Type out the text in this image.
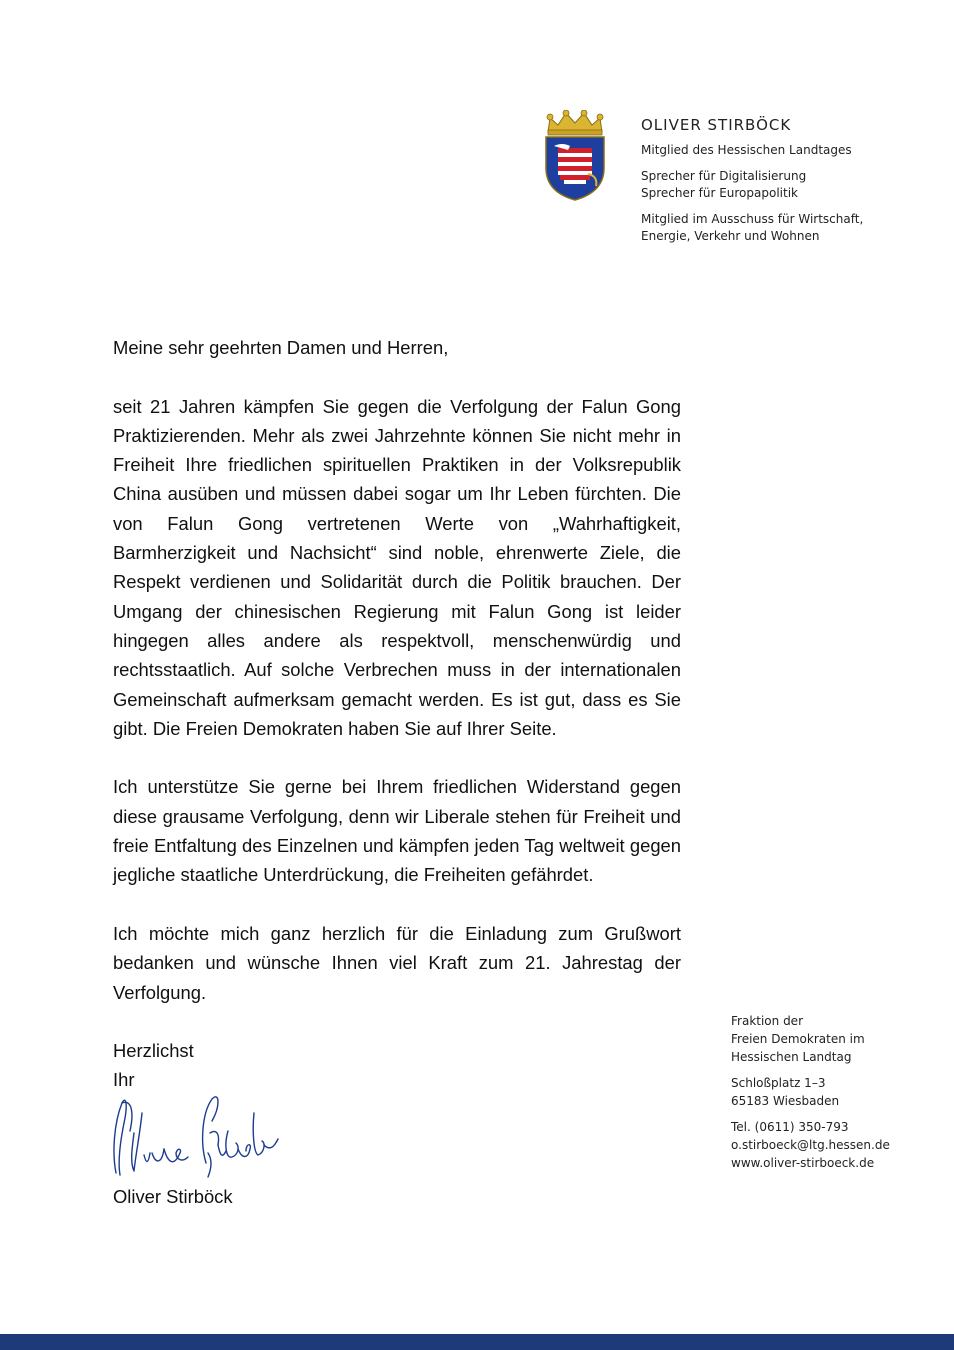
OLIVER STIRBÖCK
Mitglied des Hessischen Landtages
Sprecher für Digitalisierung
Sprecher für Europapolitik
Mitglied im Ausschuss für Wirtschaft,
Energie, Verkehr und Wohnen

Meine sehr geehrten Damen und Herren,

seit 21 Jahren kämpfen Sie gegen die Verfolgung der Falun Gong Praktizierenden. Mehr als zwei Jahrzehnte können Sie nicht mehr in Freiheit Ihre friedlichen spirituellen Praktiken in der Volksrepublik China ausüben und müssen dabei sogar um Ihr Leben fürchten. Die von Falun Gong vertretenen Werte von „Wahrhaftigkeit, Barmherzigkeit und Nachsicht“ sind noble, ehrenwerte Ziele, die Respekt verdienen und Solidarität durch die Politik brauchen. Der Umgang der chinesischen Regierung mit Falun Gong ist leider hingegen alles andere als respektvoll, menschenwürdig und rechtsstaatlich. Auf solche Verbrechen muss in der internationalen Gemeinschaft aufmerksam gemacht werden. Es ist gut, dass es Sie gibt. Die Freien Demokraten haben Sie auf Ihrer Seite.

Ich unterstütze Sie gerne bei Ihrem friedlichen Widerstand gegen diese grausame Verfolgung, denn wir Liberale stehen für Freiheit und freie Entfaltung des Einzelnen und kämpfen jeden Tag weltweit gegen jegliche staatliche Unterdrückung, die Freiheiten gefährdet.

Ich möchte mich ganz herzlich für die Einladung zum Grußwort bedanken und wünsche Ihnen viel Kraft zum 21. Jahrestag der Verfolgung.

Herzlichst
Ihr
Oliver Stirböck
Fraktion der
Freien Demokraten im
Hessischen Landtag
Schloßplatz 1–3
65183 Wiesbaden
Tel. (0611) 350-793
o.stirboeck@ltg.hessen.de
www.oliver-stirboeck.de
